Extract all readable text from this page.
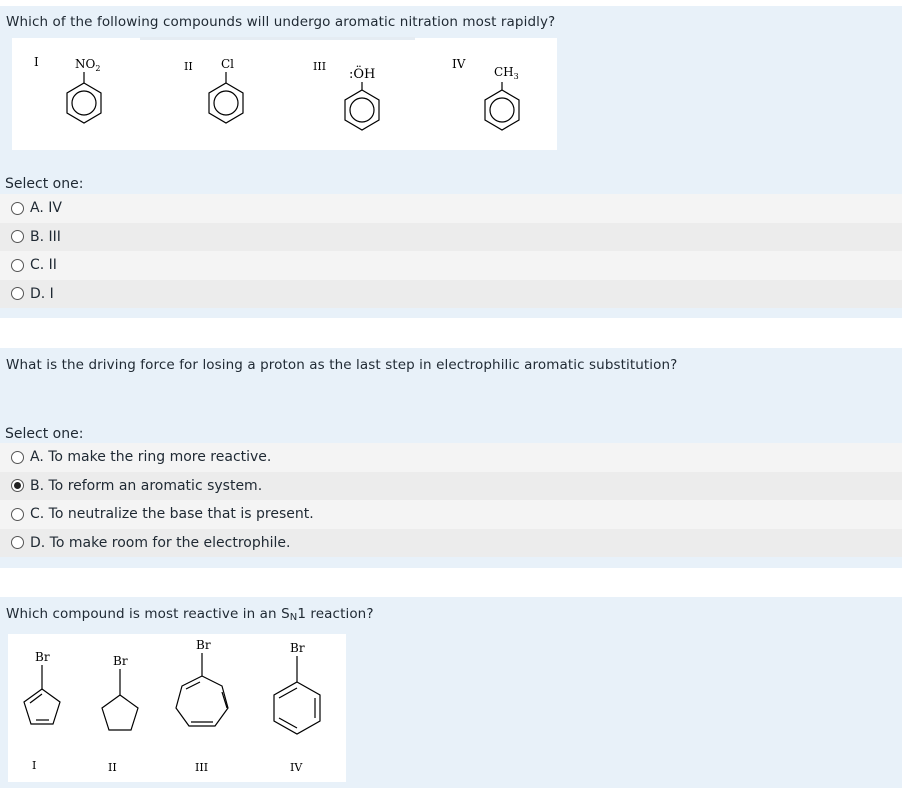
Which of the following compounds will undergo aromatic nitration most rapidly?
I	$NO_2$	II Cl	III
:ÖH
IV
$CH_3$
Select one:
A. IV
B. III
C. II
D. I
What is the driving force for losing a proton as the last step in electrophilic aromatic substitution?
Select one:
A. To make the ring more reactive.
B. To reform an aromatic system.
C. To neutralize the base that is present.
D. To make room for the electrophile.
Which compound is most reactive in an $S_N1$ reaction?
Br
I
Br
II
Br
III
Br
IV
